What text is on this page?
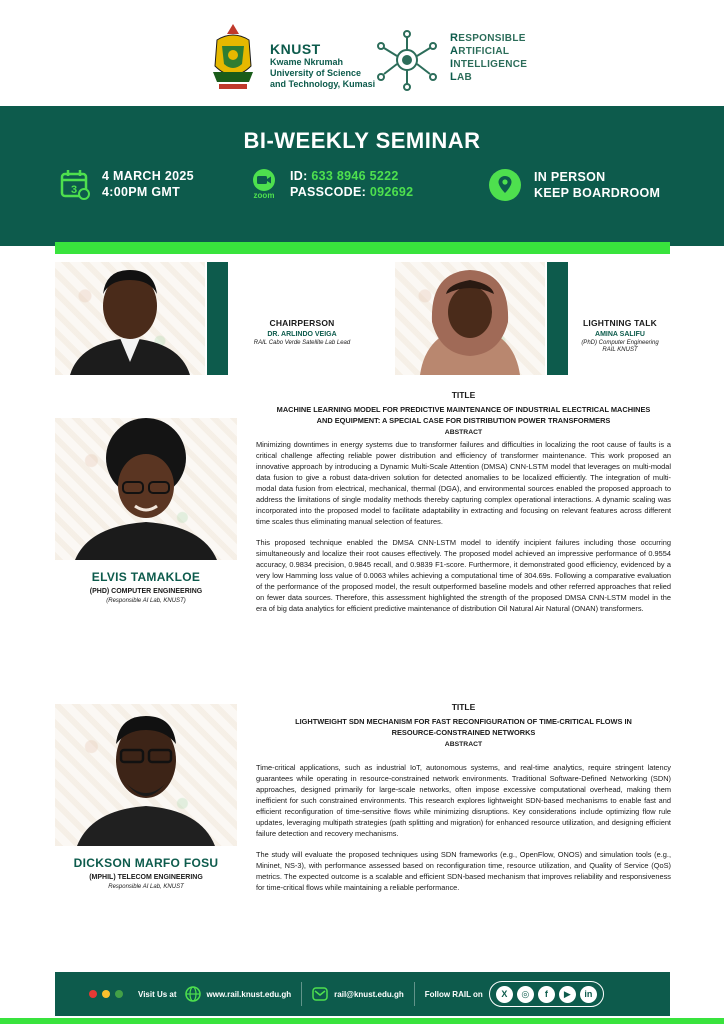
KNUST
Kwame Nkrumah
University of Science
and Technology, Kumasi
RESPONSIBLE
ARTIFICIAL
INTELLIGENCE
LAB
BI-WEEKLY SEMINAR
3
4 MARCH 2025
4:00PM GMT	zoom
ID: 633 8946 5222
PASSCODE: 092692
IN PERSON
KEEP BOARDROOM
CHAIRPERSON
DR. ARLINDO VEIGA
RAIL Cabo Verde Satellite Lab Lead
LIGHTNING TALK
AMINA SALIFU
(PhD) Computer Engineering
RAIL KNUST
ELVIS TAMAKLOE
(PHD) COMPUTER ENGINEERING
(Responsible AI Lab, KNUST)
TITLE
MACHINE LEARNING MODEL FOR PREDICTIVE MAINTENANCE OF INDUSTRIAL ELECTRICAL MACHINES AND EQUIPMENT: A SPECIAL CASE FOR DISTRIBUTION POWER TRANSFORMERS
ABSTRACT
Minimizing downtimes in energy systems due to transformer failures and difficulties in localizing the root cause of faults is a critical challenge affecting reliable power distribution and efficiency of transformer maintenance. This work proposed an innovative approach by introducing a Dynamic Multi-Scale Attention (DMSA) CNN-LSTM model that leverages on multi-modal data fusion to give a robust data-driven solution for detected anomalies to be localized efficiently. The integration of multi-modal data fusion from electrical, mechanical, thermal (DGA), and environmental sources enabled the proposed approach to address the limitations of single modality methods thereby capturing complex operational interactions. A dynamic scaling was incorporated into the proposed model to facilitate adaptability in extracting and focusing on relevant features across different time scales thus eliminating manual selection of features.
This proposed technique enabled the DMSA CNN-LSTM model to identify incipient failures including those occurring simultaneously and localize their root causes effectively. The proposed model achieved an impressive performance of 0.9554 accuracy, 0.9834 precision, 0.9845 recall, and 0.9839 F1-score. Furthermore, it demonstrated good efficiency, evidenced by a very low Hamming loss value of 0.0063 whiles achieving a computational time of 304.69s. Following a comparative evaluation of the performance of the proposed model, the result outperformed baseline models and other referred approaches that relied on fewer data sources. Therefore, this assessment highlighted the strength of the proposed DMSA CNN-LSTM model in the era of big data analytics for efficient predictive maintenance of distribution Oil Natural Air Natural (ONAN) transformers.
DICKSON MARFO FOSU
(MPHIL) TELECOM ENGINEERING
Responsible AI Lab, KNUST
TITLE
LIGHTWEIGHT SDN MECHANISM FOR FAST RECONFIGURATION OF TIME-CRITICAL FLOWS IN RESOURCE-CONSTRAINED NETWORKS
ABSTRACT
Time-critical applications, such as industrial IoT, autonomous systems, and real-time analytics, require stringent latency guarantees while operating in resource-constrained network environments. Traditional Software-Defined Networking (SDN) approaches, designed primarily for large-scale networks, often impose excessive computational overhead, making them inefficient for such constrained environments. This research explores lightweight SDN-based mechanisms to enable fast and efficient reconfiguration of time-sensitive flows while minimizing disruptions. Key considerations include optimizing flow rule updates, leveraging multipath strategies (path splitting and migration) for enhanced resource utilization, and designing efficient failure detection and recovery mechanisms.
The study will evaluate the proposed techniques using SDN frameworks (e.g., OpenFlow, ONOS) and simulation tools (e.g., Mininet, NS-3), with performance assessed based on reconfiguration time, resource utilization, and Quality of Service (QoS) metrics. The expected outcome is a scalable and efficient SDN-based mechanism that improves reliability and responsiveness for time-critical flows while maintaining a reliable performance.
Visit Us at	www.rail.knust.edu.gh	rail@knust.edu.gh	Follow RAIL on	X	◎	f	▶	in
